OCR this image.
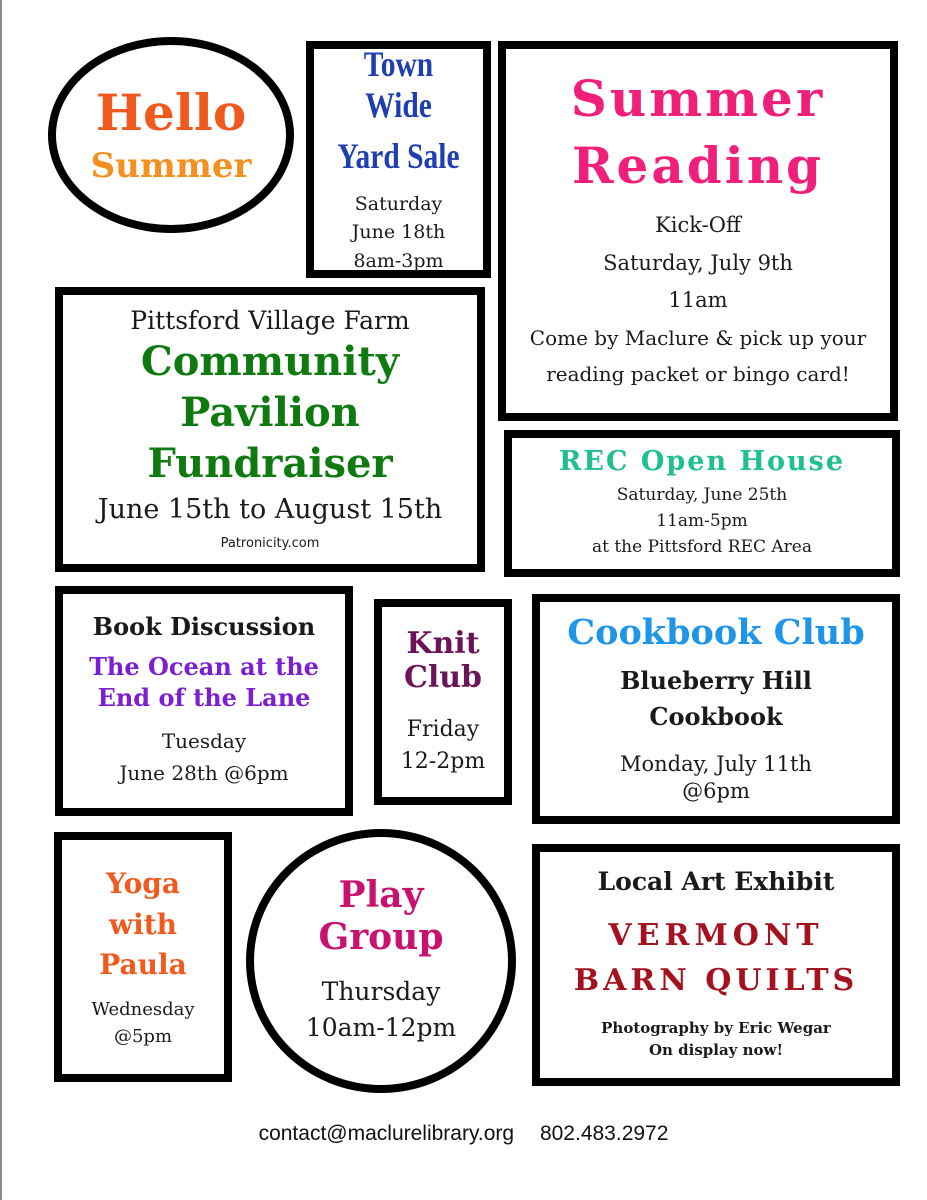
Hello
Summer
Town Wide
Yard Sale
Saturday
June 18th
8am-3pm
Summer
Reading
Kick-Off
Saturday, July 9th
11am
Come by Maclure & pick up your
reading packet or bingo card!
Pittsford Village Farm
Community
Pavilion
Fundraiser
June 15th to August 15th
Patronicity.com
REC Open House
Saturday, June 25th
11am-5pm
at the Pittsford REC Area
Book Discussion
The Ocean at the
End of the Lane
Tuesday
June 28th @6pm
Knit
Club
Friday
12-2pm
Cookbook Club
Blueberry Hill
Cookbook
Monday, July 11th
@6pm
Yoga
with
Paula
Wednesday
@5pm
Play
Group
Thursday
10am-12pm
Local Art Exhibit
VERMONT
BARN QUILTS
Photography by Eric Wegar
On display now!
contact@maclurelibrary.org 802.483.2972
